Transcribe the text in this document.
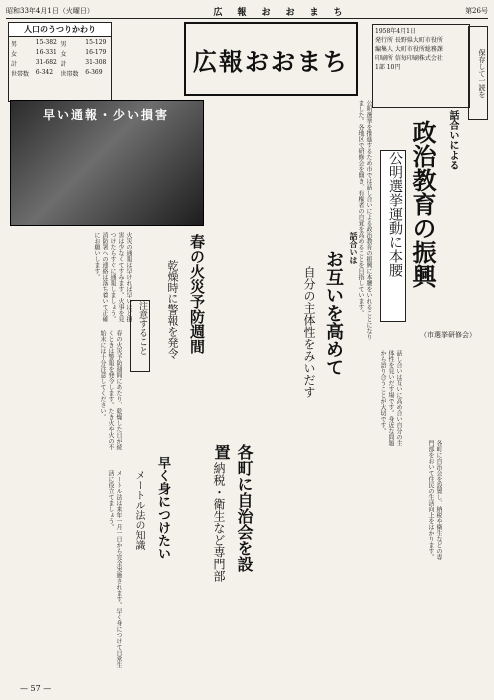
昭和33年4月1日（火曜日）	広　報　お　お　ま　ち	第26号
人口のうつりかわり
男	15-382 男	15-129
女	16-331 女	16-179
計	31-682 計	31-308
世帯数	6-342	世帯数	6-369	広報おおまち
1958年4月1日
発行所 長野県大町市役所
編集人 大町市役所総務課
印刷所 信毎印刷株式会社
1部 10円	保存して一読を
早い通報・少い損害
火災の通報は早ければ早いほど損害は少なくてすみます。火事を見つけたらすぐに通報しましょう。消防署への連絡は落ち着いて正確にお願いします。
話合いによる
政治教育の振興
公明選挙運動に本腰
（市選挙研修会）
公明選挙を推進するため市では話し合いによる政治教育の振興に本腰をいれることになりました。各地区で研修会を開き、有権者の自覚を高めることを目指しています。
話合いは
お互いを高めて
自分の主体性をみいだす	話し合いは互いに高め合い自分の主体性を見いだす場です。身近な問題から語り合うことが大切です。
春の火災予防週間
乾燥時に警報を発令
注意すること
春の火災予防週間にあたり、乾燥した日が続くときは警報を発令します。たき火や火の不始末には十分注意してください。
各町に自治会を設置
納税・衛生など専門部	各町に自治会を設置し、納税や衛生などの専門部をおいて住民の生活向上をはかります。
早く身につけたい
メートル法の知識
メートル法は来年一月一日から完全実施されます。早く身につけて日常生活に役立てましょう。
— 57 —
